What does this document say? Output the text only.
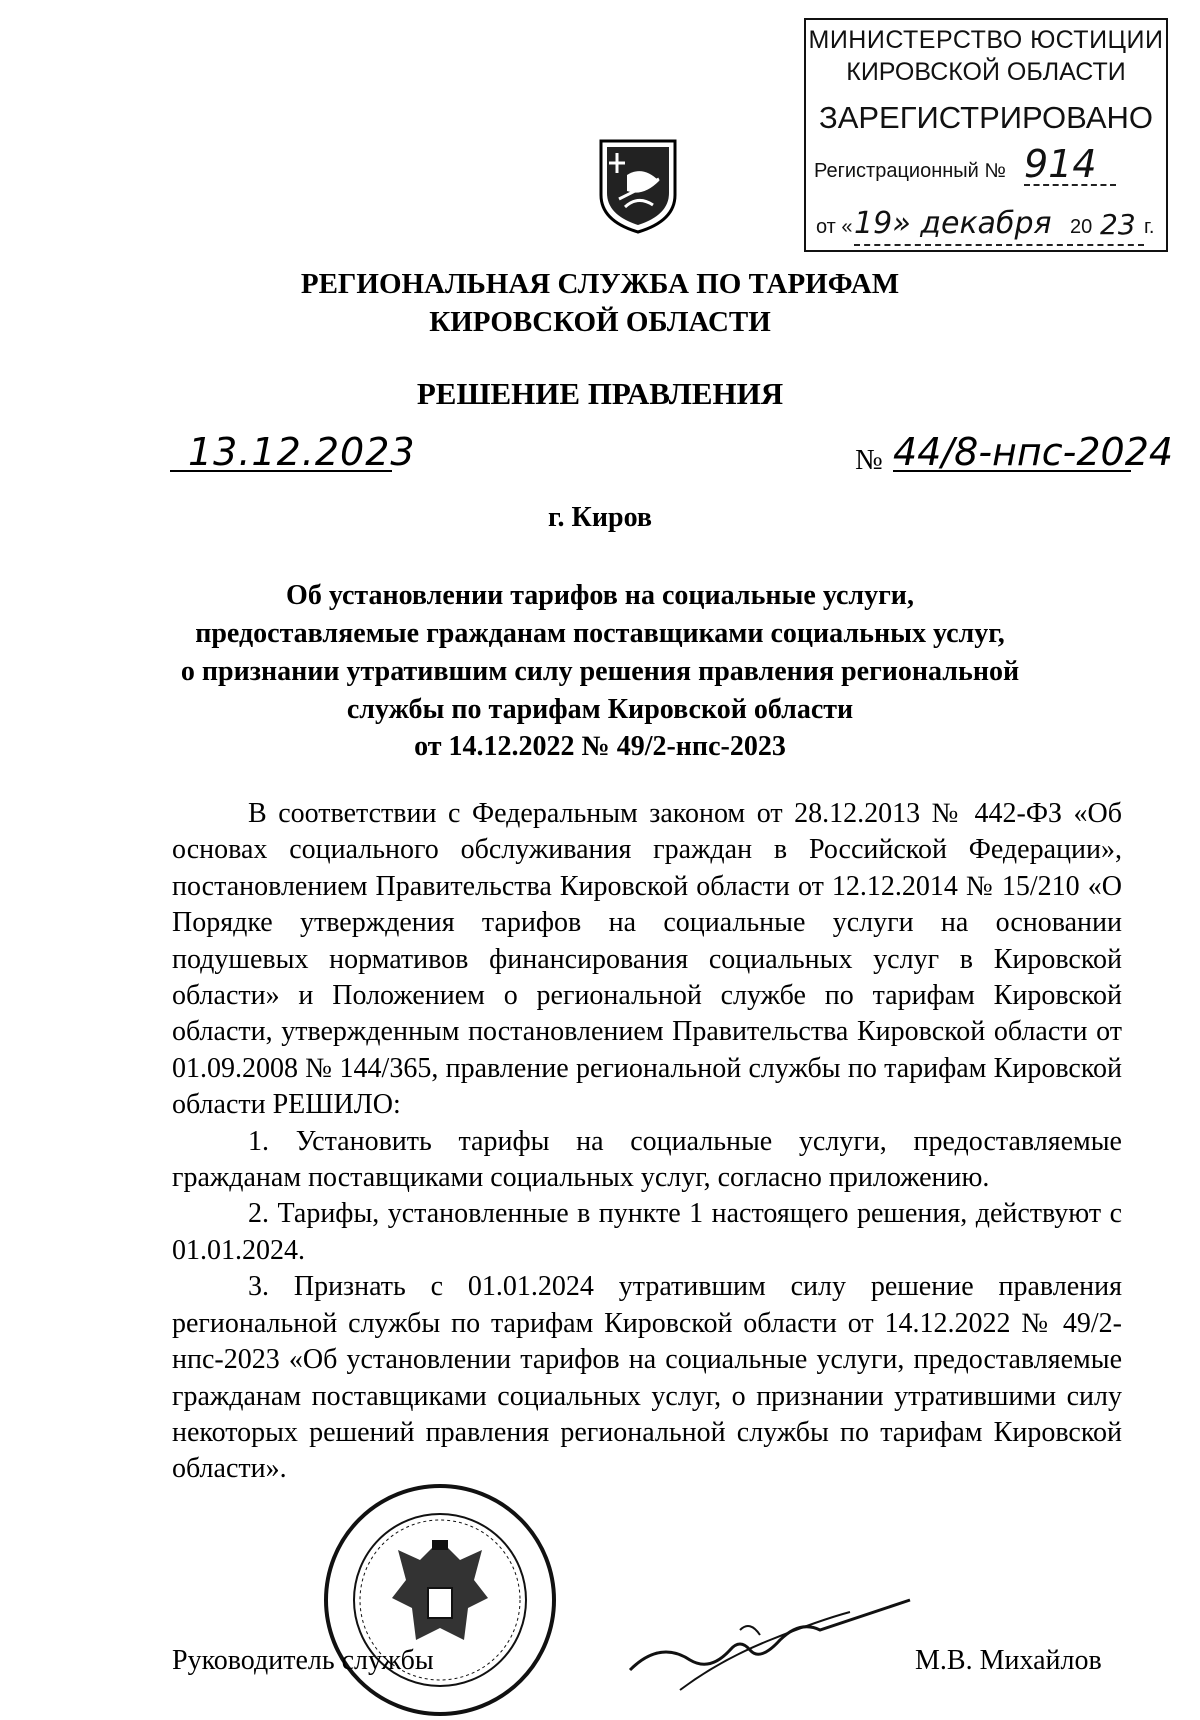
МИНИСТЕРСТВО ЮСТИЦИИ
КИРОВСКОЙ ОБЛАСТИ
ЗАРЕГИСТРИРОВАНО
Регистрационный № 914
от « 19» декабря 20 23 г.
РЕГИОНАЛЬНАЯ СЛУЖБА ПО ТАРИФАМ
КИРОВСКОЙ ОБЛАСТИ
РЕШЕНИЕ ПРАВЛЕНИЯ
13.12.2023	№ 44/8-нпс-2024
г. Киров
Об установлении тарифов на социальные услуги,
предоставляемые гражданам поставщиками социальных услуг,
о признании утратившим силу решения правления региональной
службы по тарифам Кировской области
от 14.12.2022 № 49/2-нпс-2023

В соответствии с Федеральным законом от 28.12.2013 № 442-ФЗ «Об основах социального обслуживания граждан в Российской Федерации», постановлением Правительства Кировской области от 12.12.2014 № 15/210 «О Порядке утверждения тарифов на социальные услуги на основании подушевых нормативов финансирования социальных услуг в Кировской области» и Положением о региональной службе по тарифам Кировской области, утвержденным постановлением Правительства Кировской области от 01.09.2008 № 144/365, правление региональной службы по тарифам Кировской области РЕШИЛО:

1. Установить тарифы на социальные услуги, предоставляемые гражданам поставщиками социальных услуг, согласно приложению.

2. Тарифы, установленные в пункте 1 настоящего решения, действуют с 01.01.2024.

3. Признать с 01.01.2024 утратившим силу решение правления региональной службы по тарифам Кировской области от 14.12.2022 № 49/2-нпс-2023 «Об установлении тарифов на социальные услуги, предоставляемые гражданам поставщиками социальных услуг, о признании утратившими силу некоторых решений правления региональной службы по тарифам Кировской области».

Руководитель службы	М.В. Михайлов
